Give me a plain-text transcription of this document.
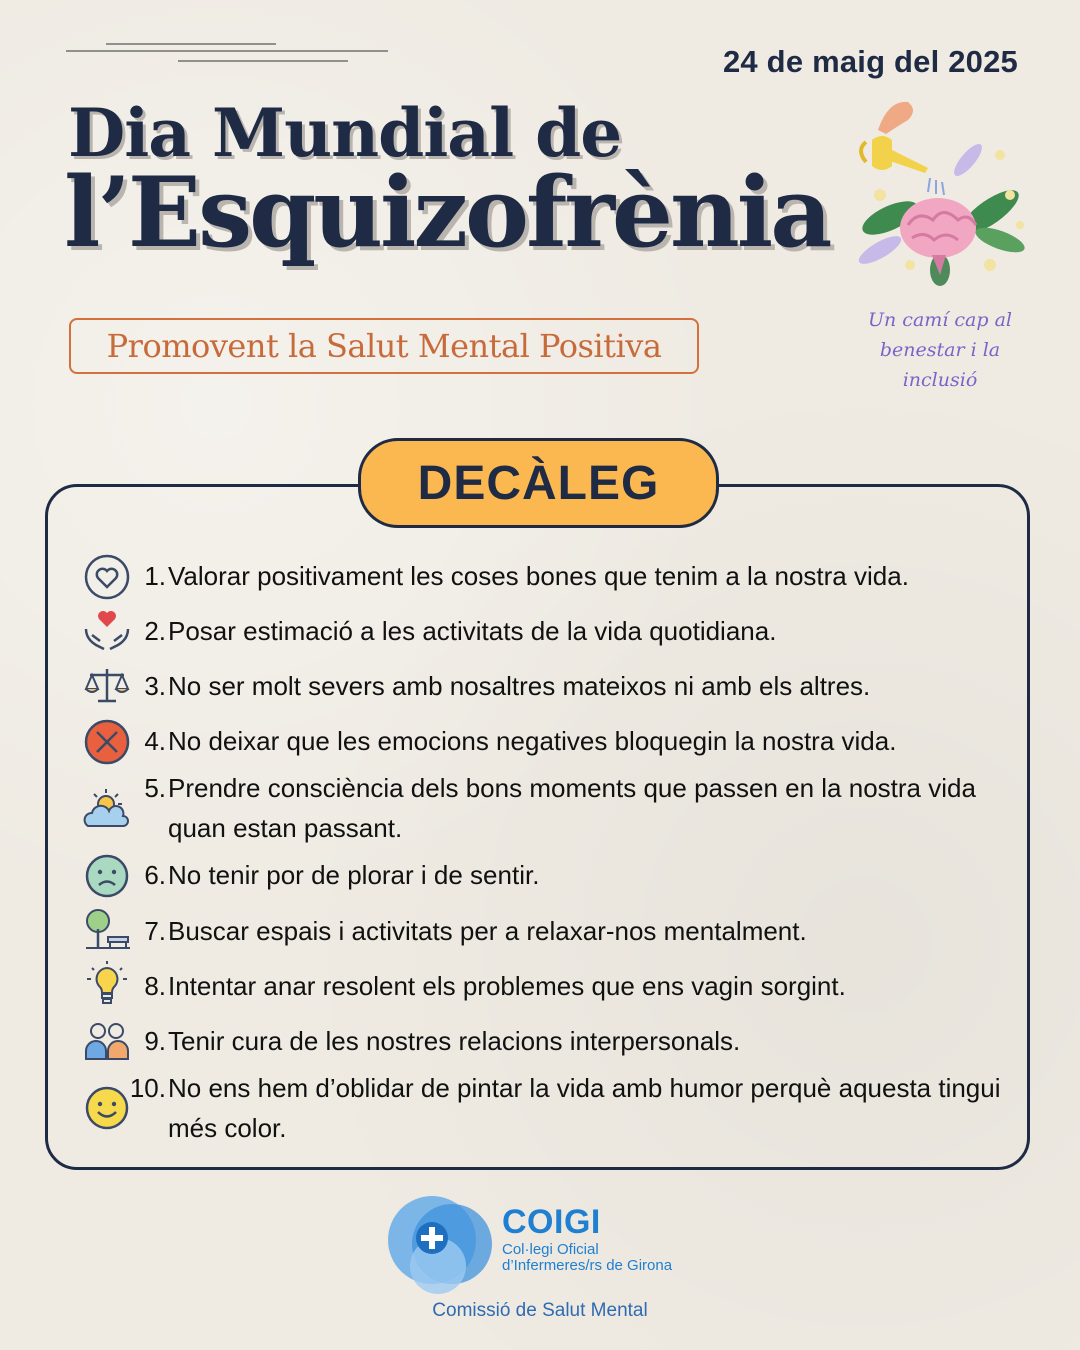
24 de maig del 2025
Dia Mundial de
l’Esquizofrènia
Promovent la Salut Mental Positiva
Un camí cap al
benestar i la inclusió
DECÀLEG
1. Valorar positivament les coses bones que tenim a la nostra vida.
2. Posar estimació a les activitats de la vida quotidiana.
3. No ser molt severs amb nosaltres mateixos ni amb els altres.
4. No deixar que les emocions negatives bloquegin la nostra vida.
5. Prendre consciència dels bons moments que passen en la nostra vida quan estan passant.
6. No tenir por de plorar i de sentir.
7. Buscar espais i activitats per a relaxar-nos mentalment.
8. Intentar anar resolent els problemes que ens vagin sorgint.
9. Tenir cura de les nostres relacions interpersonals.
10. No ens hem d’oblidar de pintar la vida amb humor perquè aquesta tingui més color.
COIGI
Col·legi Oficial
d’Infermeres/rs de Girona
Comissió de Salut Mental
